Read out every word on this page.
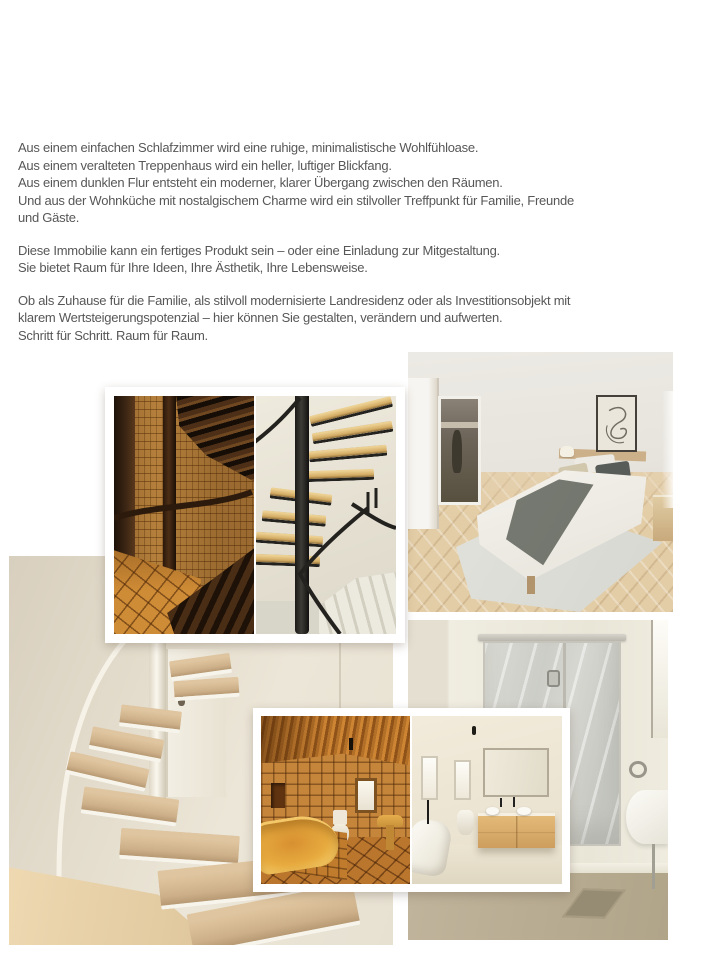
Aus einem einfachen Schlafzimmer wird eine ruhige, minimalistische Wohlfühloase.
Aus einem veralteten Treppenhaus wird ein heller, luftiger Blickfang.
Aus einem dunklen Flur entsteht ein moderner, klarer Übergang zwischen den Räumen.
Und aus der Wohnküche mit nostalgischem Charme wird ein stilvoller Treffpunkt für Familie, Freunde
und Gäste.
Diese Immobilie kann ein fertiges Produkt sein – oder eine Einladung zur Mitgestaltung.
Sie bietet Raum für Ihre Ideen, Ihre Ästhetik, Ihre Lebensweise.
Ob als Zuhause für die Familie, als stilvoll modernisierte Landresidenz oder als Investitionsobjekt mit
klarem Wertsteigerungspotenzial – hier können Sie gestalten, verändern und aufwerten.
Schritt für Schritt. Raum für Raum.
